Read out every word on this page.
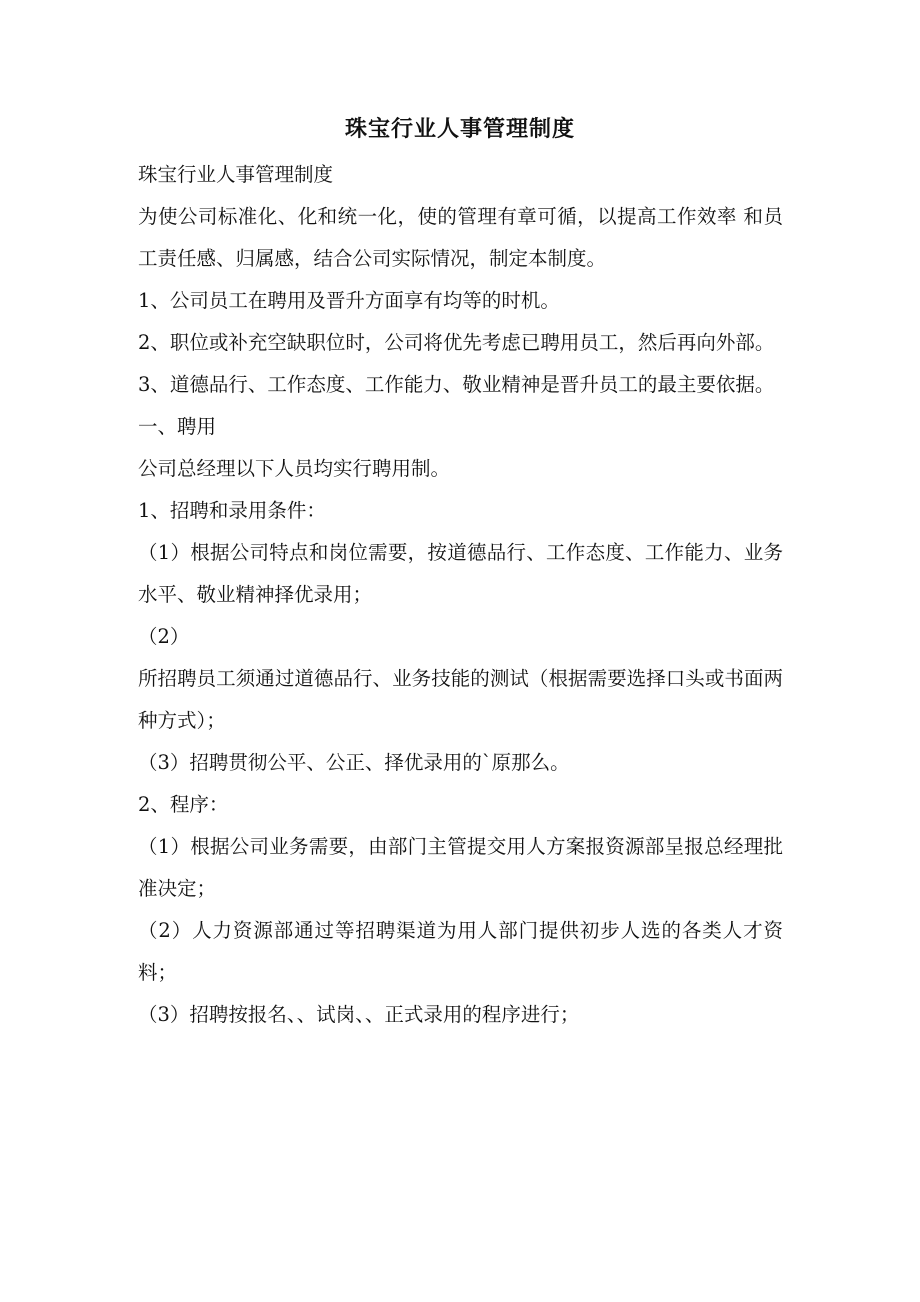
珠宝行业人事管理制度

珠宝行业人事管理制度

为使公司标准化、化和统一化，使的管理有章可循，以提高工作效率 和员工责任感、归属感，结合公司实际情况，制定本制度。

1、公司员工在聘用及晋升方面享有均等的时机。

2、职位或补充空缺职位时，公司将优先考虑已聘用员工，然后再向外部。

3、道德品行、工作态度、工作能力、敬业精神是晋升员工的最主要依据。

一、聘用

公司总经理以下人员均实行聘用制。

1、招聘和录用条件：

（1）根据公司特点和岗位需要，按道德品行、工作态度、工作能力、业务水平、敬业精神择优录用；

（2）

所招聘员工须通过道德品行、业务技能的测试（根据需要选择口头或书面两种方式）；

（3）招聘贯彻公平、公正、择优录用的`原那么。

2、程序：

（1）根据公司业务需要，由部门主管提交用人方案报资源部呈报总经理批准决定；

（2）人力资源部通过等招聘渠道为用人部门提供初步人选的各类人才资料；

（3）招聘按报名、、试岗、、正式录用的程序进行；
